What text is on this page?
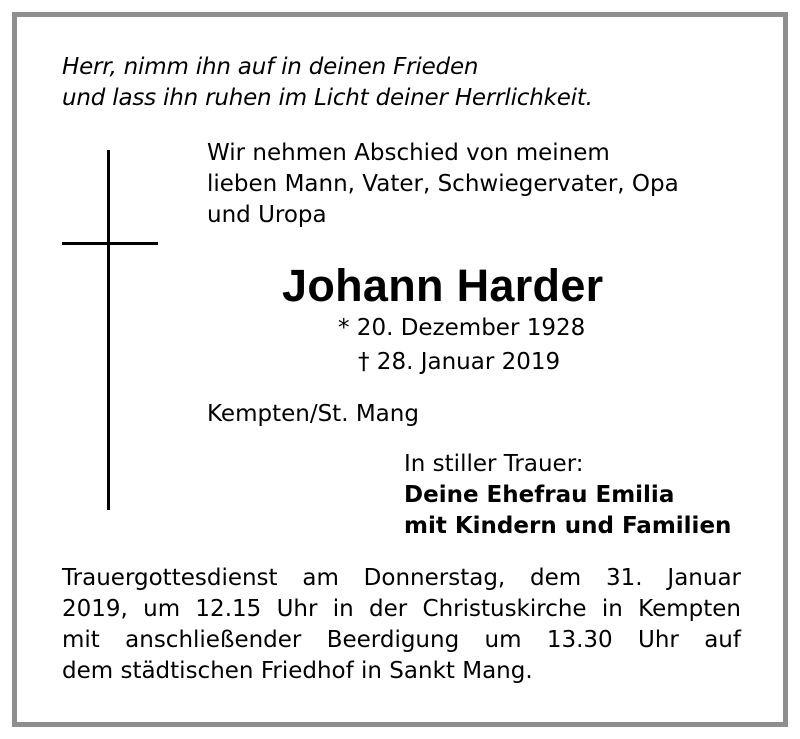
Herr, nimm ihn auf in deinen Frieden
und lass ihn ruhen im Licht deiner Herrlichkeit.
Wir nehmen Abschied von meinem
lieben Mann, Vater, Schwiegervater, Opa
und Uropa
Johann Harder
* 20. Dezember 1928
† 28. Januar 2019
Kempten/St. Mang
In stiller Trauer:
Deine Ehefrau Emilia
mit Kindern und Familien
Trauergottesdienst am Donnerstag, dem 31. Januar
2019, um 12.15 Uhr in der Christuskirche in Kempten
mit anschließender Beerdigung um 13.30 Uhr auf
dem städtischen Friedhof in Sankt Mang.
